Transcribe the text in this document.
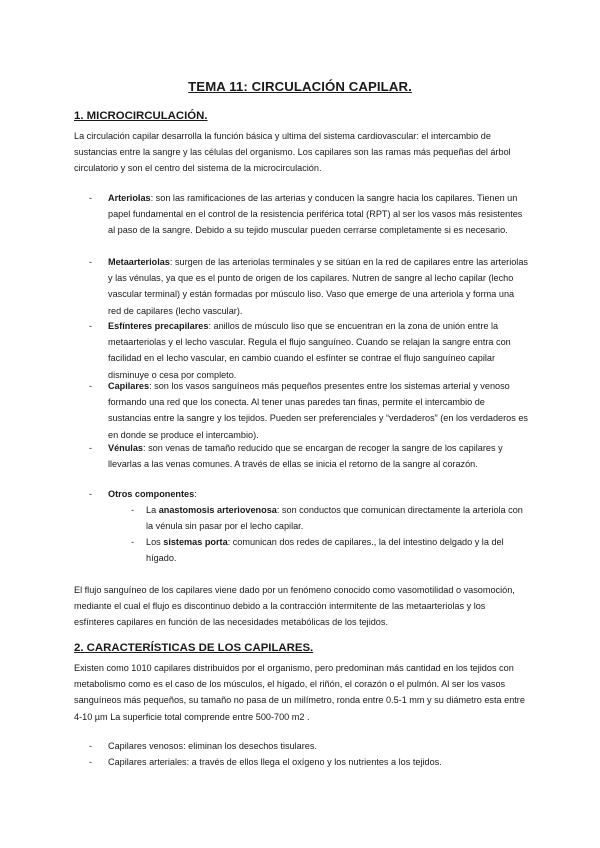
TEMA 11: CIRCULACIÓN CAPILAR.
1. MICROCIRCULACIÓN.

La circulación capilar desarrolla la función básica y ultima del sistema cardiovascular: el intercambio de sustancias entre la sangre y las células del organismo. Los capilares son las ramas más pequeñas del árbol circulatorio y son el centro del sistema de la microcirculación.

- Arteriolas: son las ramificaciones de las arterias y conducen la sangre hacia los capilares. Tienen un papel fundamental en el control de la resistencia periférica total (RPT) al ser los vasos más resistentes al paso de la sangre. Debido a su tejido muscular pueden cerrarse completamente si es necesario.

- Metaarteriolas: surgen de las arteriolas terminales y se sitúan en la red de capilares entre las arteriolas y las vénulas, ya que es el punto de origen de los capilares. Nutren de sangre al lecho capilar (lecho vascular terminal) y están formadas por músculo liso. Vaso que emerge de una arteriola y forma una red de capilares (lecho vascular).

- Esfínteres precapilares: anillos de músculo liso que se encuentran en la zona de unión entre la metaarteriolas y el lecho vascular. Regula el flujo sanguíneo. Cuando se relajan la sangre entra con facilidad en el lecho vascular, en cambio cuando el esfínter se contrae el flujo sanguíneo capilar disminuye o cesa por completo.

- Capilares: son los vasos sanguíneos más pequeños presentes entre los sistemas arterial y venoso formando una red que los conecta. Al tener unas paredes tan finas, permite el intercambio de sustancias entre la sangre y los tejidos. Pueden ser preferenciales y “verdaderos” (en los verdaderos es en donde se produce el intercambio).

- Vénulas: son venas de tamaño reducido que se encargan de recoger la sangre de los capilares y llevarlas a las venas comunes. A través de ellas se inicia el retorno de la sangre al corazón.

- Otros componentes:

- La anastomosis arteriovenosa: son conductos que comunican directamente la arteriola con la vénula sin pasar por el lecho capilar.

- Los sistemas porta: comunican dos redes de capilares., la del intestino delgado y la del hígado.

El flujo sanguíneo de los capilares viene dado por un fenómeno conocido como vasomotilidad o vasomoción, mediante el cual el flujo es discontinuo debido a la contracción intermitente de las metaarteriolas y los esfínteres capilares en función de las necesidades metabólicas de los tejidos.

2. CARACTERÍSTICAS DE LOS CAPILARES.

Existen como 1010 capilares distribuidos por el organismo, pero predominan más cantidad en los tejidos con metabolismo como es el caso de los músculos, el hígado, el riñón, el corazón o el pulmón. Al ser los vasos sanguíneos más pequeños, su tamaño no pasa de un milímetro, ronda entre 0.5-1 mm y su diámetro esta entre 4-10 µm La superficie total comprende entre 500-700 m2 .

- Capilares venosos: eliminan los desechos tisulares.

- Capilares arteriales: a través de ellos llega el oxígeno y los nutrientes a los tejidos.
